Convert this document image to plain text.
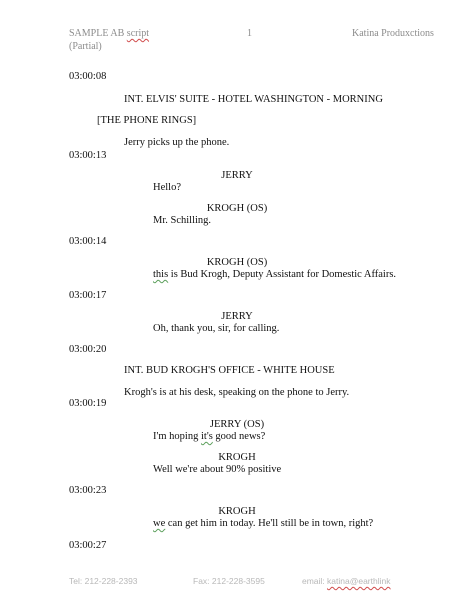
SAMPLE AB script
(Partial)
1	Katina Produxctions
03:00:08
INT. ELVIS' SUITE - HOTEL WASHINGTON - MORNING
[THE PHONE RINGS]
Jerry picks up the phone.
03:00:13
JERRY
Hello?
KROGH (OS)
Mr. Schilling.
03:00:14
KROGH (OS)
this is Bud Krogh, Deputy Assistant for Domestic Affairs.
03:00:17
JERRY
Oh, thank you, sir, for calling.
03:00:20
INT. BUD KROGH'S OFFICE - WHITE HOUSE
Krogh's is at his desk, speaking on the phone to Jerry.
03:00:19
JERRY (OS)
I'm hoping it's good news?
KROGH
Well we're about 90% positive
03:00:23
KROGH
we can get him in today. He'll still be in town, right?
03:00:27
Tel: 212-228-2393	Fax: 212-228-3595	email: katina@earthlink
